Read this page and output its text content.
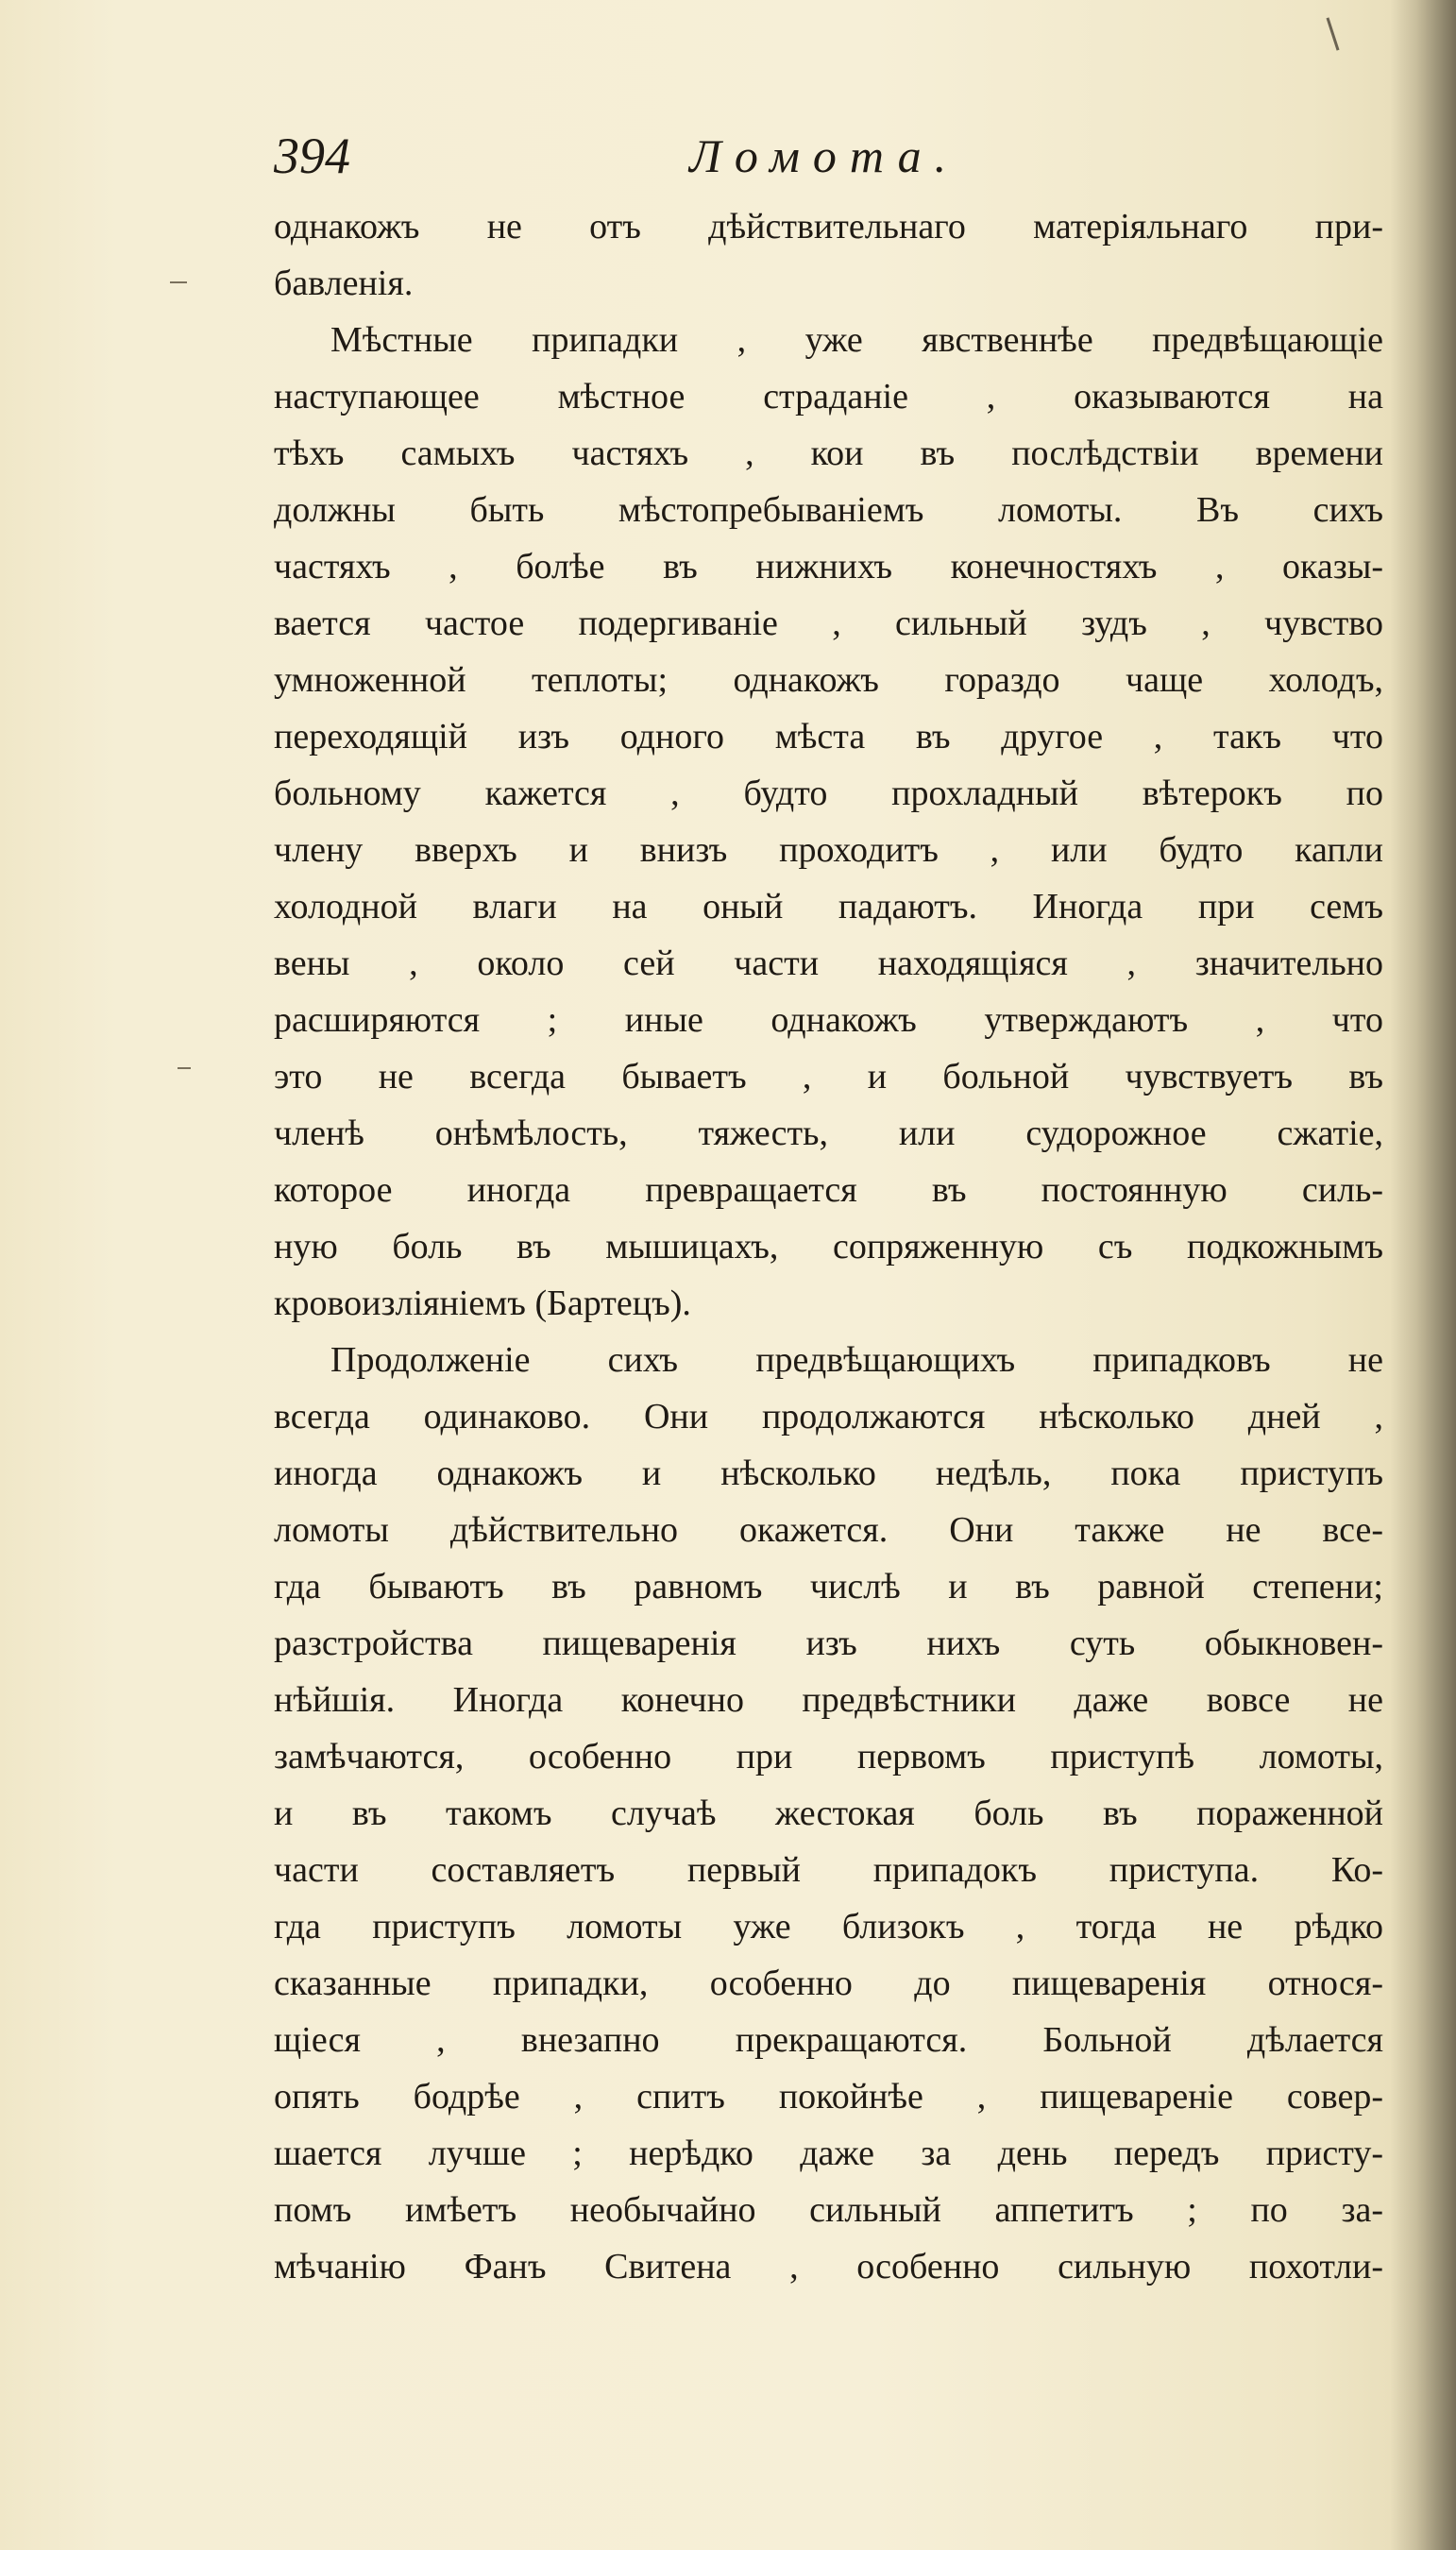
394	Ломота.
однакожъ не отъ дѣйствительнаго матеріяльнаго при-
бавленія.
Мѣстные припадки , уже явственнѣе предвѣщающіе
наступающее мѣстное страданіе , оказываются на
тѣхъ самыхъ частяхъ , кои въ послѣдствіи времени
должны быть мѣстопребываніемъ ломоты. Въ сихъ
частяхъ , болѣе въ нижнихъ конечностяхъ , оказы-
вается частое подергиваніе , сильный зудъ , чувство
умноженной теплоты; однакожъ гораздо чаще холодъ,
переходящій изъ одного мѣста въ другое , такъ что
больному кажется , будто прохладный вѣтерокъ по
члену вверхъ и внизъ проходитъ , или будто капли
холодной влаги на оный падаютъ. Иногда при семъ
вены , около сей части находящіяся , значительно
расширяются ; иные однакожъ утверждаютъ , что
это не всегда бываетъ , и больной чувствуетъ въ
членѣ онѣмѣлость, тяжесть, или судорожное сжатіе,
которое иногда превращается въ постоянную силь-
ную боль въ мышицахъ, сопряженную съ подкожнымъ
кровоизліяніемъ (Бартецъ).
Продолженіе сихъ предвѣщающихъ припадковъ не
всегда одинаково. Они продолжаются нѣсколько дней ,
иногда однакожъ и нѣсколько недѣль, пока приступъ
ломоты дѣйствительно окажется. Они также не все-
гда бываютъ въ равномъ числѣ и въ равной степени;
разстройства пищеваренія изъ нихъ суть обыкновен-
нѣйшія. Иногда конечно предвѣстники даже вовсе не
замѣчаются, особенно при первомъ приступѣ ломоты,
и въ такомъ случаѣ жестокая боль въ пораженной
части составляетъ первый припадокъ приступа. Ко-
гда приступъ ломоты уже близокъ , тогда не рѣдко
сказанные припадки, особенно до пищеваренія относя-
щіеся , внезапно прекращаются. Больной дѣлается
опять бодрѣе , спитъ покойнѣе , пищевареніе совер-
шается лучше ; нерѣдко даже за день передъ присту-
помъ имѣетъ необычайно сильный аппетитъ ; по за-
мѣчанію Фанъ Свитена , особенно сильную похотли-
